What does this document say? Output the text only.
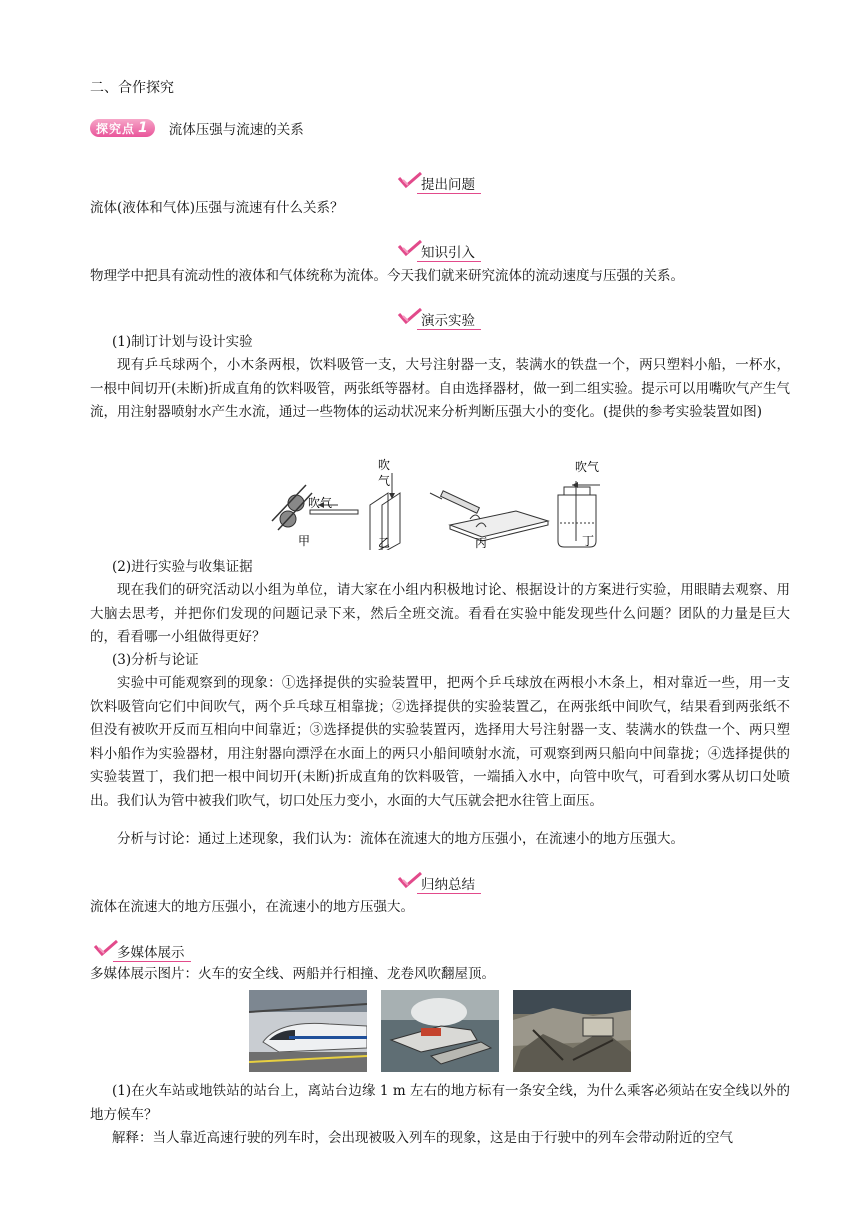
二、合作探究
探究点 1 流体压强与流速的关系
提出问题
流体(液体和气体)压强与流速有什么关系？
知识引入
物理学中把具有流动性的液体和气体统称为流体。今天我们就来研究流体的流动速度与压强的关系。
演示实验
(1)制订计划与设计实验
现有乒乓球两个，小木条两根，饮料吸管一支，大号注射器一支，装满水的铁盘一个，两只塑料小船，一杯水，一根中间切开(未断)折成直角的饮料吸管，两张纸等器材。自由选择器材，做一到二组实验。提示可以用嘴吹气产生气流，用注射器喷射水产生水流，通过一些物体的运动状况来分析判断压强大小的变化。(提供的参考实验装置如图)
吹气
甲
吹
气
乙	丙
吹气
丁
(2)进行实验与收集证据
现在我们的研究活动以小组为单位，请大家在小组内积极地讨论、根据设计的方案进行实验，用眼睛去观察、用大脑去思考，并把你们发现的问题记录下来，然后全班交流。看看在实验中能发现些什么问题？团队的力量是巨大的，看看哪一小组做得更好？
(3)分析与论证
实验中可能观察到的现象：①选择提供的实验装置甲，把两个乒乓球放在两根小木条上，相对靠近一些，用一支饮料吸管向它们中间吹气，两个乒乓球互相靠拢；②选择提供的实验装置乙，在两张纸中间吹气，结果看到两张纸不但没有被吹开反而互相向中间靠近；③选择提供的实验装置丙，选择用大号注射器一支、装满水的铁盘一个、两只塑料小船作为实验器材，用注射器向漂浮在水面上的两只小船间喷射水流，可观察到两只船向中间靠拢；④选择提供的实验装置丁，我们把一根中间切开(未断)折成直角的饮料吸管，一端插入水中，向管中吹气，可看到水雾从切口处喷出。我们认为管中被我们吹气，切口处压力变小，水面的大气压就会把水往管上面压。
分析与讨论：通过上述现象，我们认为：流体在流速大的地方压强小，在流速小的地方压强大。
归纳总结
流体在流速大的地方压强小，在流速小的地方压强大。
多媒体展示
多媒体展示图片：火车的安全线、两船并行相撞、龙卷风吹翻屋顶。
(1)在火车站或地铁站的站台上，离站台边缘 1 m 左右的地方标有一条安全线，为什么乘客必须站在安全线以外的地方候车？
解释：当人靠近高速行驶的列车时，会出现被吸入列车的现象，这是由于行驶中的列车会带动附近的空气
